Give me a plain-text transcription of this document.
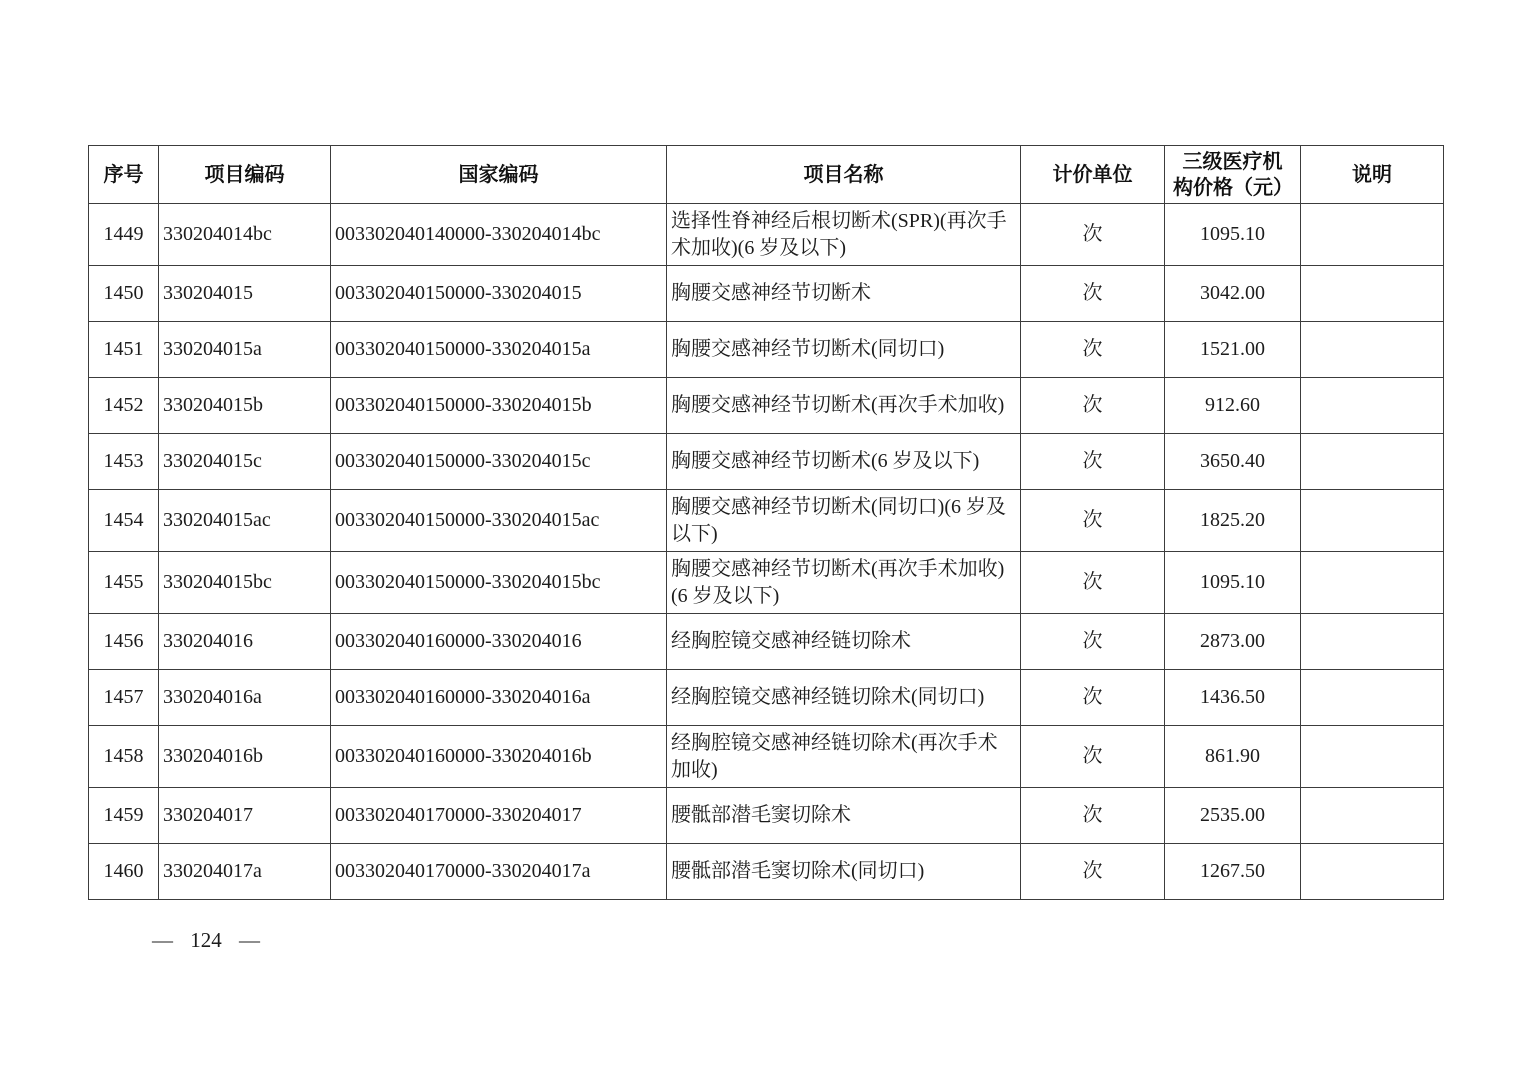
序号	项目编码	国家编码	项目名称	计价单位	三级医疗机构价格（元）	说明
1449	330204014bc	003302040140000-330204014bc	选择性脊神经后根切断术(SPR)(再次手术加收)(6 岁及以下)	次	1095.10	
1450	330204015	003302040150000-330204015	胸腰交感神经节切断术	次	3042.00	
1451	330204015a	003302040150000-330204015a	胸腰交感神经节切断术(同切口)	次	1521.00	
1452	330204015b	003302040150000-330204015b	胸腰交感神经节切断术(再次手术加收)	次	912.60	
1453	330204015c	003302040150000-330204015c	胸腰交感神经节切断术(6 岁及以下)	次	3650.40	
1454	330204015ac	003302040150000-330204015ac	胸腰交感神经节切断术(同切口)(6 岁及以下)	次	1825.20	
1455	330204015bc	003302040150000-330204015bc	胸腰交感神经节切断术(再次手术加收)(6 岁及以下)	次	1095.10	
1456	330204016	003302040160000-330204016	经胸腔镜交感神经链切除术	次	2873.00	
1457	330204016a	003302040160000-330204016a	经胸腔镜交感神经链切除术(同切口)	次	1436.50	
1458	330204016b	003302040160000-330204016b	经胸腔镜交感神经链切除术(再次手术加收)	次	861.90	
1459	330204017	003302040170000-330204017	腰骶部潜毛窦切除术	次	2535.00	
1460	330204017a	003302040170000-330204017a	腰骶部潜毛窦切除术(同切口)	次	1267.50	
— 124 —
